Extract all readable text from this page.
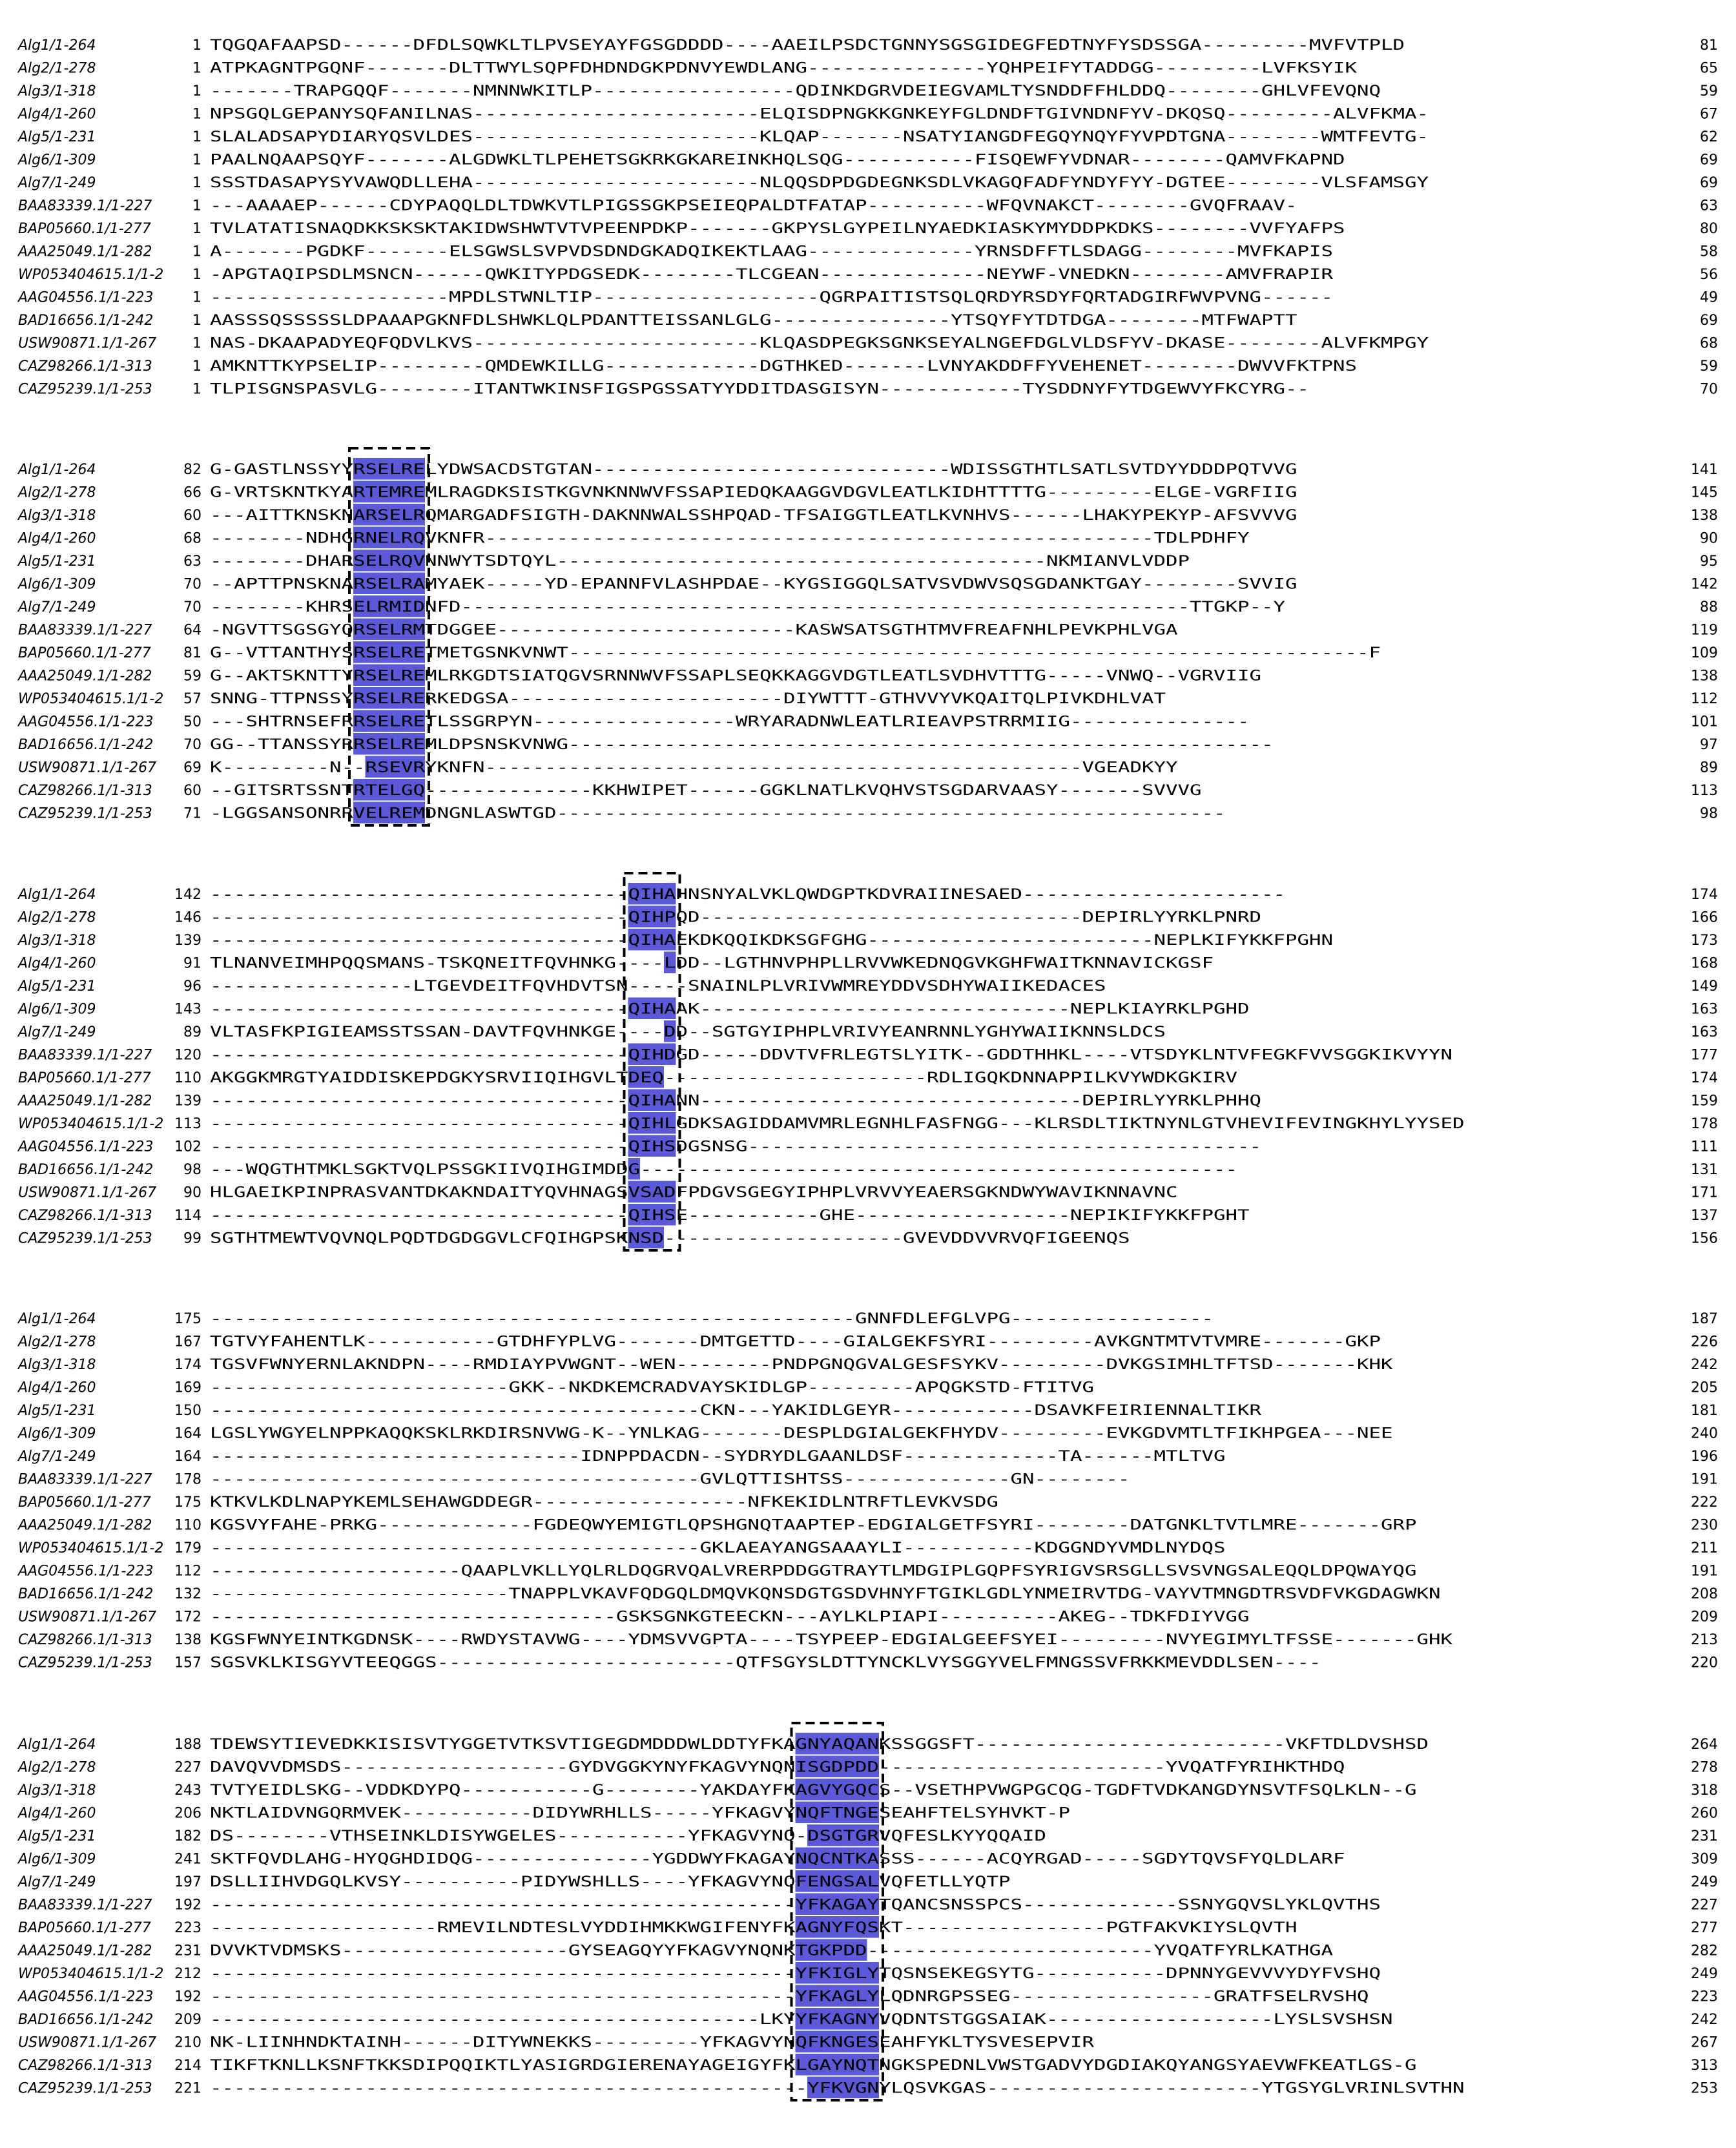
Alg1/1-264	1 TQGQAFAAPSD------DFDLSQWKLTLPVSEYAYFGSGDDDD----AAEILPSDCTGNNYSGSGIDEGFEDTNYFYSDSSGA---------MVFVTPLD	81
Alg2/1-278	1 ATPKAGNTPGQNF-------DLTTWYLSQPFDHDNDGKPDNVYEWDLANG---------------YQHPEIFYTADDGG---------LVFKSYIK	65
Alg3/1-318	1 -------TRAPGQQF-------NMNNWKITLP-----------------QDINKDGRVDEIEGVAMLTYSNDDFFHLDDQ--------GHLVFEVQNQ	59
Alg4/1-260	1 NPSGQLGEPANYSQFANILNAS------------------------ELQISDPNGKKGNKEYFGLDNDFTGIVNDNFYV-DKQSQ---------ALVFKMA-	67
Alg5/1-231	1 SLALADSAPYDIARYQSVLDES------------------------KLQAP-------NSATYIANGDFEGQYNQYFYVPDTGNA--------WMTFEVTG-	62
Alg6/1-309	1 PAALNQAAPSQYF-------ALGDWKLTLPEHETSGKRKGKAREINKHQLSQG-----------FISQEWFYVDNAR--------QAMVFKAPND	69
Alg7/1-249	1 SSSTDASAPYSYVAWQDLLEHA------------------------NLQQSDPDGDEGNKSDLVKAGQFADFYNDYFYY-DGTEE--------VLSFAMSGY	69
BAA83339.1/1-227	1 ---AAAAEP------CDYPAQQLDLTDWKVTLPIGSSGKPSEIEQPALDTFATAP----------WFQVNAKCT--------GVQFRAAV-	63
BAP05660.1/1-277	1 TVLATATISNAQDKKSKSKTAKIDWSHWTVTVPEENPDKP-------GKPYSLGYPEILNYAEDKIASKYMYDDPKDKS--------VVFYAFPS	80
AAA25049.1/1-282	1 A-------PGDKF-------ELSGWSLSVPVDSDNDGKADQIKEKTLAAG--------------YRNSDFFTLSDAGG--------MVFKAPIS	58
WP053404615.1/1-2 1 -APGTAQIPSDLMSNCN------QWKITYPDGSEDK--------TLCGEAN--------------NEYWF-VNEDKN--------AMVFRAPIR	56
AAG04556.1/1-223	1 --------------------MPDLSTWNLTIP-------------------QGRPAITISTSQLQRDYRSDYFQRTADGIRFWVPVNG------	49
BAD16656.1/1-242	1 AASSSQSSSSSLDPAAAPGKNFDLSHWKLQLPDANTTEISSANLGLG---------------YTSQYFYTDTDGA--------MTFWAPTT	69
USW90871.1/1-267	1 NAS-DKAAPADYEQFQDVLKVS------------------------KLQASDPEGKSGNKSEYALNGEFDGLVLDSFYV-DKASE--------ALVFKMPGY	68
CAZ98266.1/1-313	1 AMKNTTKYPSELIP---------QMDEWKILLG-------------DGTHKED-------LVNYAKDDFFYVEHENET--------DWVVFKTPNS	59
CAZ95239.1/1-253	1 TLPISGNSPASVLG--------ITANTWKINSFIGSPGSSATYYDDITDASGISYN------------TYSDDNYFYTDGEWVYFKCYRG--	70
Alg1/1-264	82 G-GASTLNSSYYRSELRELYDWSACDSTGTAN------------------------------WDISSGTHTLSATLSVTDYYDDDPQTVVG	141
Alg2/1-278	66 G-VRTSKNTKYARTEMREMLRAGDKSISTKGVNKNNWVFSSAPIEDQKAAGGVDGVLEATLKIDHTTTTG---------ELGE-VGRFIIG	145
Alg3/1-318	60 ---AITTKNSKNARSELRQMARGADFSIGTH-DAKNNWALSSHPQAD-TFSAIGGTLEATLKVNHVS------LHAKYPEKYP-AFSVVVG	138
Alg4/1-260	68 --------NDHGRNELRQVKNFR--------------------------------------------------------TDLPDHFY	90
Alg5/1-231	63 --------DHARSELRQVNNWYTSDTQYL-----------------------------------------NKMIANVLVDDP	95
Alg6/1-309	70 --APTTPNSKNARSELRAMYAEK-----YD-EPANNFVLASHPDAE--KYGSIGGQLSATVSVDWVSQSGDANKTGAY--------SVVIG	142
Alg7/1-249	70 --------KHRSELRMIDNFD-------------------------------------------------------------TTGKP--Y	88
BAA83339.1/1-227 64 -NGVTTSGSGYQRSELRMTDGGEE-------------------------KASWSATSGTHTMVFREAFNHLPEVKPHLVGA	119
BAP05660.1/1-277 81 G--VTTANTHYSRSELRETMETGSNKVNWT-------------------------------------------------------------------F	109
AAA25049.1/1-282 59 G--AKTSKNTTYRSELREMLRKGDTSIATQGVSRNNWVFSSAPLSEQKKAGGVDGTLEATLSVDHVTTTG-----VNWQ--VGRVIIG	138
WP053404615.1/1-2 57 SNNG-TTPNSSYRSELRERKEDGSA-----------------------DIYWTTT-GTHVVYVKQAITQLPIVKDHLVAT	112
AAG04556.1/1-223 50 ---SHTRNSEFRRSELRETLSSGRPYN-----------------WRYARADNWLEATLRIEAVPSTRRMIIG---------------	101
BAD16656.1/1-242 70 GG--TTANSSYRRSELREMLDPSNSKVNWG-----------------------------------------------------------	97
USW90871.1/1-267 69 K---------N--RSEVRYKNFN--------------------------------------------------VGEADKYY	89
CAZ98266.1/1-313 60 --GITSRTSSNTRTELGQ--------------KKHWIPET------GGKLNATLKVQHVSTSGDARVAASY-------SVVVG	113
CAZ95239.1/1-253 71 -LGGSANSONRRVELREMDNGNLASWTGD--------------------------------------------------------	98
Alg1/1-264	142 -----------------------------------QIHAHNSNYALVKLQWDGPTKDVRAIINESAED----------------------	174
Alg2/1-278	146 -----------------------------------QIHPQD--------------------------------DEPIRLYYRKLPNRD	166
Alg3/1-318	139 -----------------------------------QIHAEKDKQQIKDKSGFGHG------------------------NEPLKIFYKKFPGHN	173
Alg4/1-260	91 TLNANVEIMHPQQSMANS-TSKQNEITFQVHNKG----LDD--LGTHNVPHPLLRVVWKEDNQGVKGHFWAITKNNAVICKGSF	168
Alg5/1-231	96 -----------------LTGEVDEITFQVHDVTSN-----SNAINLPLVRIVWMREYDDVSDHYWAIIKEDACES	149
Alg6/1-309	143 -----------------------------------QIHAAK-------------------------------NEPLKIAYRKLPGHD	163
Alg7/1-249	89 VLTASFKPIGIEAMSSTSSAN-DAVTFQVHNKGE----DD--SGTGYIPHPLVRIVYEANRNNLYGHYWAIIKNNSLDCS	163
BAA83339.1/1-227 120 -----------------------------------QIHDGD-----DDVTVFRLEGTSLYITK--GDDTHHKL----VTSDYKLNTVFEGKFVVSGGKIKVYYN	177
BAP05660.1/1-277 110 AKGGKMRGTYAIDDISKEPDGKYSRVIIQIHGVLTDEQ----------------------RDLIGQKDNNAPPILKVYWDKGKIRV	174
AAA25049.1/1-282 139 -----------------------------------QIHANN--------------------------------DEPIRLYYRKLPHHQ	159
WP053404615.1/1-2 113 -----------------------------------QIHLGDKSAGIDDAMVMRLEGNHLFASFNGG---KLRSDLTIKTNYNLGTVHEVIFEVINGKHYLYYSED	178
AAG04556.1/1-223 102 -----------------------------------QIHSDGSNSG-------------------------------------------	111
BAD16656.1/1-242 98 ---WQGTHTMKLSGKTVQLPSSGKIIVQIHGIMDDG--------------------------------------------------	131
USW90871.1/1-267 90 HLGAEIKPINPRASVANTDKAKNDAITYQVHNAGSVSADFPDGVSGEGYIPHPLVRVVYEAERSGKNDWYWAVIKNNAVNC	171
CAZ98266.1/1-313 114 -----------------------------------QIHSE-----------GHE------------------NEPIKIFYKKFPGHT	137
CAZ95239.1/1-253 99 SGTHTMEWTVQVNQLPQDTDGDGGVLCFQIHGPSKNSD--------------------GVEVDDVVRVQFIGEENQS	156
Alg1/1-264	175 ------------------------------------------------------GNNFDLEFGLVPG-----------------	187
Alg2/1-278	167 TGTVYFAHENTLK-----------GTDHFYPLVG-------DMTGETTD----GIALGEKFSYRI---------AVKGNTMTVTVMRE-------GKP	226
Alg3/1-318	174 TGSVFWNYERNLAKNDPN----RMDIAYPVWGNT--WEN--------PNDPGNQGVALGESFSYKV---------DVKGSIMHLTFTSD-------KHK	242
Alg4/1-260	169 -------------------------GKK--NKDKEMCRADVAYSKIDLGP---------APQGKSTD-FTITVG	205
Alg5/1-231	150 -----------------------------------------CKN---YAKIDLGEYR------------DSAVKFEIRIENNALTIKR	181
Alg6/1-309	164 LGSLYWGYELNPPKAQQKSKLRKDIRSNVWG-K--YNLKAG-------DESPLDGIALGEKFHYDV---------EVKGDVMTLTFIKHPGEA---NEE	240
Alg7/1-249	164 -------------------------------IDNPPDACDN--SYDRYDLGAANLDSF-------------TA------MTLTVG	196
BAA83339.1/1-227 178 -----------------------------------------GVLQTTISHTSS--------------GN--------	191
BAP05660.1/1-277 175 KTKVLKDLNAPYKEMLSEHAWGDDEGR------------------NFKEKIDLNTRFTLEVKVSDG	222
AAA25049.1/1-282 110 KGSVYFAHE-PRKG-------------FGDEQWYEMIGTLQPSHGNQTAAPTEP-EDGIALGETFSYRI--------DATGNKLTVTLMRE-------GRP	230
WP053404615.1/1-2 179 -----------------------------------------GKLAEAYANGSAAAYLI-----------KDGGNDYVMDLNYDQS	211
AAG04556.1/1-223 112 ---------------------QAAPLVKLLYQLRLDQGRVQALVRERPDDGGTRAYTLMDGIPLGQPFSYRIGVSRSGLLSVSVNGSALEQQLDPQWAYQG	191
BAD16656.1/1-242 132 -------------------------TNAPPLVKAVFQDGQLDMQVKQNSDGTGSDVHNYFTGIKLGDLYNMEIRVTDG-VAYVTMNGDTRSVDFVKGDAGWKN	208
USW90871.1/1-267 172 ----------------------------------GSKSGNKGTEECKN---AYLKLPIAPI----------AKEG--TDKFDIYVGG	209
CAZ98266.1/1-313 138 KGSFWNYEINTKGDNSK----RWDYSTAVWG----YDMSVVGPTA----TSYPEEP-EDGIALGEEFSYEI---------NVYEGIMYLTFSSE-------GHK	213
CAZ95239.1/1-253 157 SGSVKLKISGYVTEEQGGS-------------------------QTFSGYSLDTTYNCKLVYSGGYVELFMNGSSVFRKKMEVDDLSEN----	220
Alg1/1-264	188 TDEWSYTIEVEDKKISISVTYGGETVTKSVTIGEGDMDDDWLDDTYFKAGNYAQANKSSGGSFT--------------------------VKFTDLDVSHSD	264
Alg2/1-278	227 DAVQVVDMSDS-------------------GYDVGGKYNYFKAGVYNQNISGDPDD------------------------YVQATFYRIHKTHDQ	278
Alg3/1-318	243 TVTYEIDLSKG--VDDKDYPQ-----------G--------YAKDAYFKAGVYGQCS--VSETHPVWGPGCQG-TGDFTVDKANGDYNSVTFSQLKLN--G	318
Alg4/1-260	206 NKTLAIDVNGQRMVEK-----------DIDYWRHLLS-----YFKAGVYNQFTNGESEAHFTELSYHVKT-P	260
Alg5/1-231	182 DS--------VTHSEINKLDISYWGELES-----------YFKAGVYNQ-DSGTGRVQFESLKYYQQAID	231
Alg6/1-309	241 SKTFQVDLAHG-HYQGHDIDQG---------------YGDDWYFKAGAYNQCNTKASSS------ACQYRGAD-----SGDYTQVSFYQLDLARF	309
Alg7/1-249	197 DSLLIIHVDGQLKVSY----------PIDYWSHLLS----YFKAGVYNQFENGSALVQFETLLYQTP	249
BAA83339.1/1-227 192 -------------------------------------------------YFKAGAYTQANCSNSSPCS-------------SSNYGQVSLYKLQVTHS	227
BAP05660.1/1-277 223 -------------------RMEVILNDTESLVYDDIHMKKWGIFENYFKAGNYFQSKT-----------------PGTFAKVKIYSLQVTH	277
AAA25049.1/1-282 231 DVVKTVDMSKS-------------------GYSEAGQYYFKAGVYNQNKTGKPDD------------------------YVQATFYRLKATHGA	282
WP053404615.1/1-2 212 -------------------------------------------------YFKIGLYTQSNSEKEGSYTG-----------DPNNYGEVVVYDYFVSHQ	249
AAG04556.1/1-223 192 -------------------------------------------------YFKAGLYLQDNRGPSSEG-----------------GRATFSELRVSHQ	223
BAD16656.1/1-242 209 ----------------------------------------------LKYYFKAGNYVQDNTSTGGSAIAK-------------------LYSLSVSHSN	242
USW90871.1/1-267 210 NK-LIINHNDKTAINH------DITYWNEKKS---------YFKAGVYNQFKNGESEAHFYKLTYSVESEPVIR	267
CAZ98266.1/1-313 214 TIKFTKNLLKSNFTKKSDIPQQIKTLYASIGRDGIERENAYAGEIGYFKLGAYNQTNGKSPEDNLVWSTGADVYDGDIAKQYANGSYAEVWFKEATLGS-G	313
CAZ95239.1/1-253 221 --------------------------------------------------YFKVGNYLQSVKGAS-----------------------YTGSYGLVRINLSVTHN	253
